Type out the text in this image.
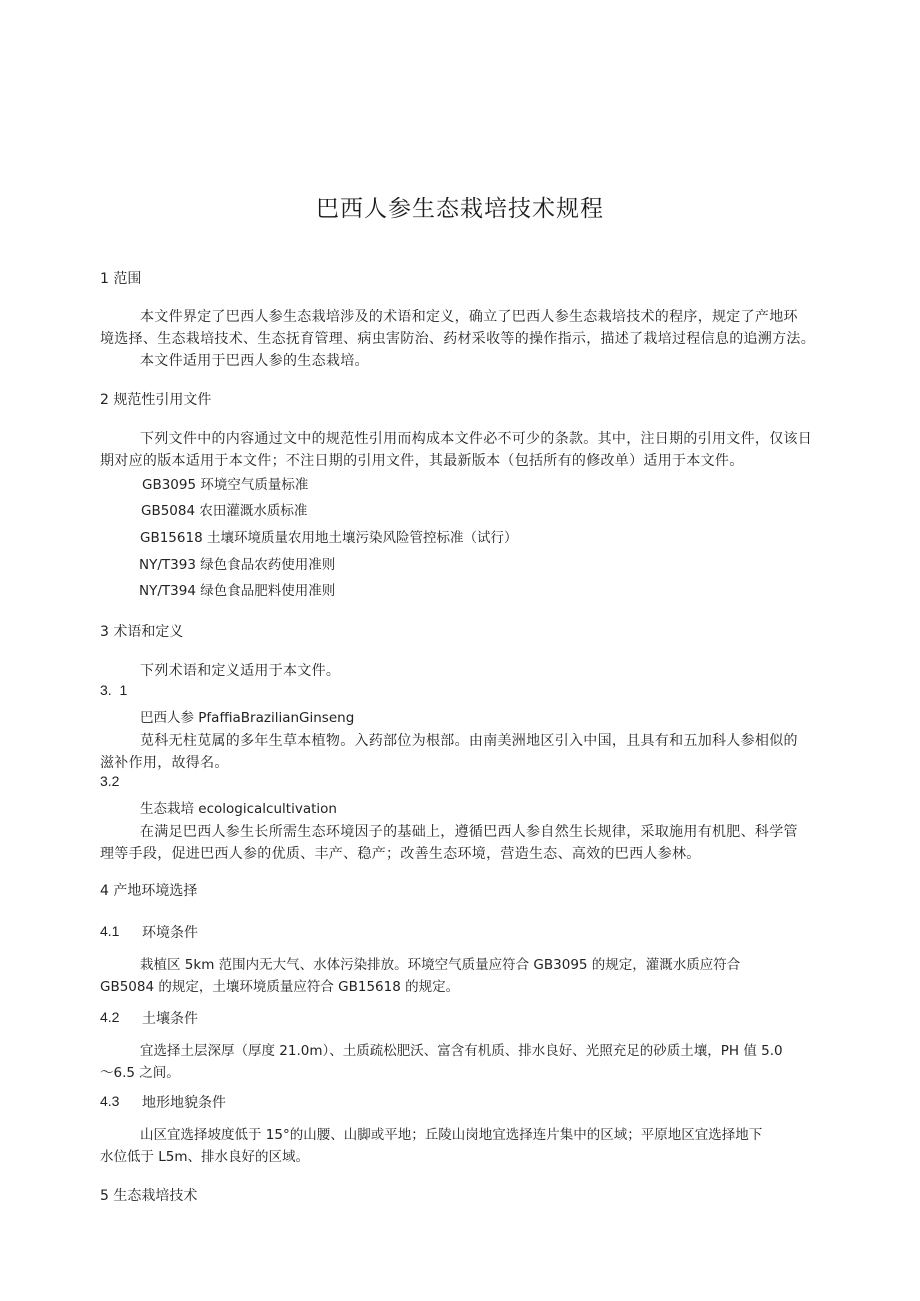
巴西人参生态栽培技术规程
1 范围
本文件界定了巴西人参生态栽培涉及的术语和定义，确立了巴西人参生态栽培技术的程序，规定了产地环
境选择、生态栽培技术、生态抚育管理、病虫害防治、药材采收等的操作指示，描述了栽培过程信息的追溯方法。
本文件适用于巴西人参的生态栽培。
2 规范性引用文件
下列文件中的内容通过文中的规范性引用而构成本文件必不可少的条款。其中，注日期的引用文件，仅该日
期对应的版本适用于本文件；不注日期的引用文件，其最新版本（包括所有的修改单）适用于本文件。
GB3095 环境空气质量标准
GB5084 农田灌溉水质标准
GB15618 土壤环境质量农用地土壤污染风险管控标准（试行）
NY/T393 绿色食品农药使用准则
NY/T394 绿色食品肥料使用准则
3 术语和定义
下列术语和定义适用于本文件。
3.  1
巴西人参 PfaffiaBrazilianGinseng
苋科无柱苋属的多年生草本植物。入药部位为根部。由南美洲地区引入中国，且具有和五加科人参相似的
滋补作用，故得名。
3.2
生态栽培 ecologicalcultivation
在满足巴西人参生长所需生态环境因子的基础上，遵循巴西人参自然生长规律，采取施用有机肥、科学管
理等手段，促进巴西人参的优质、丰产、稳产；改善生态环境，营造生态、高效的巴西人参林。
4 产地环境选择
4.1 环境条件
栽植区 5km 范围内无大气、水体污染排放。环境空气质量应符合 GB3095 的规定，灌溉水质应符合
GB5084 的规定，土壤环境质量应符合 GB15618 的规定。
4.2 土壤条件
宜选择土层深厚（厚度 21.0m）、土质疏松肥沃、富含有机质、排水良好、光照充足的砂质土壤，PH 值 5.0
～6.5 之间。
4.3 地形地貌条件
山区宜选择坡度低于 15°的山腰、山脚或平地；丘陵山岗地宜选择连片集中的区域；平原地区宜选择地下
水位低于 L5m、排水良好的区域。
5 生态栽培技术
